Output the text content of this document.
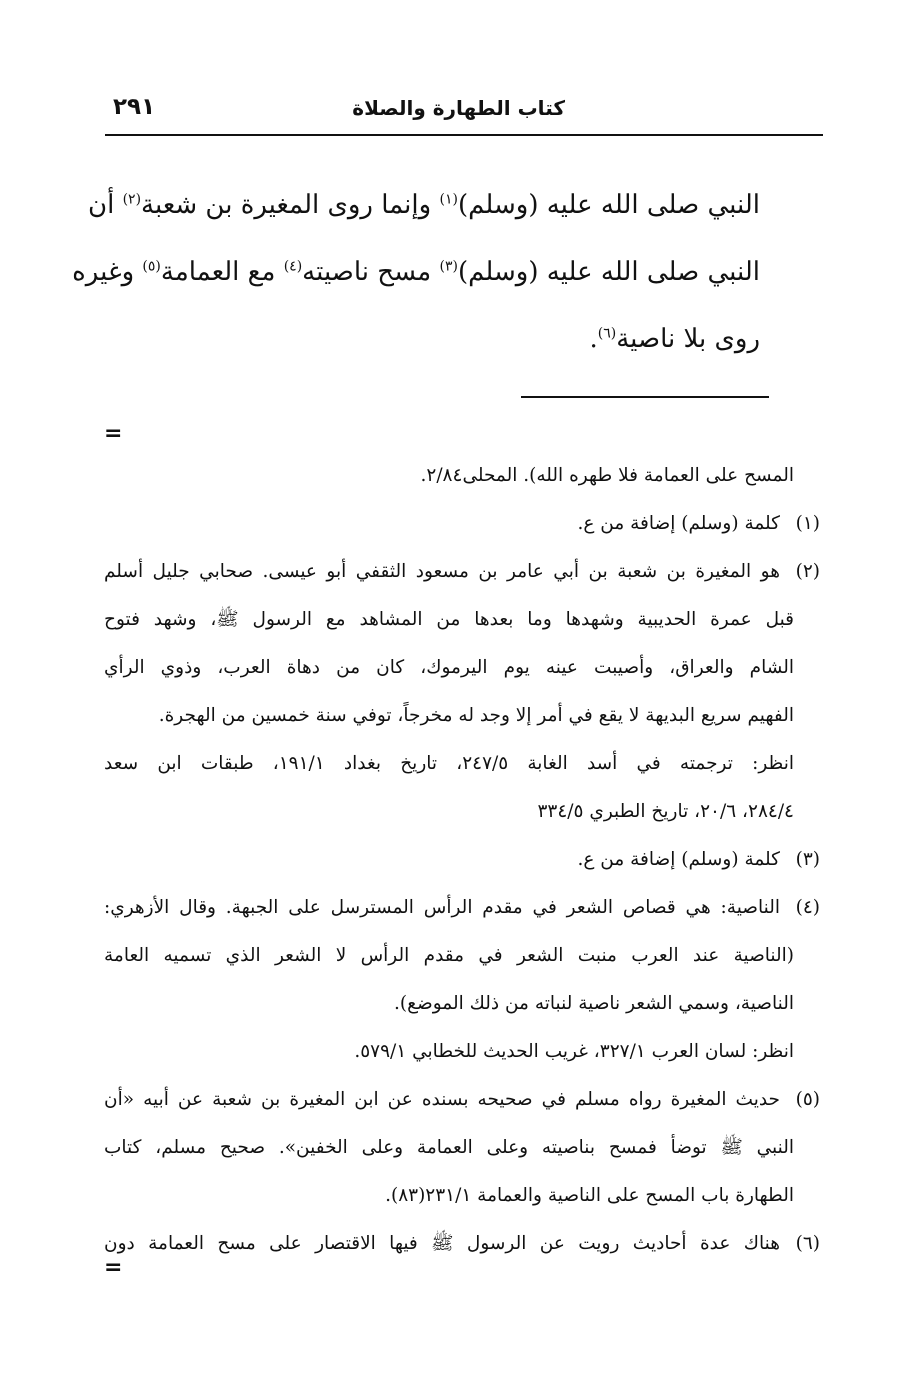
كتاب الطهارة والصلاة
٢٩١
النبي صلى الله عليه (وسلم)$^{(١)}$ وإنما روى المغيرة بن شعبة$^{(٢)}$ أن
النبي صلى الله عليه (وسلم)$^{(٣)}$ مسح ناصيته$^{(٤)}$ مع العمامة$^{(٥)}$ وغيره
روى بلا ناصية$^{(٦)}$.
=
المسح على العمامة فلا طهره الله). المحلى٢/٨٤.
(١)
كلمة (وسلم) إضافة من ع.
(٢)
هو المغيرة بن شعبة بن أبي عامر بن مسعود الثقفي أبو عيسى. صحابي جليل أسلم
قبل عمرة الحديبية وشهدها وما بعدها من المشاهد مع الرسول ﷺ، وشهد فتوح
الشام والعراق، وأصيبت عينه يوم اليرموك، كان من دهاة العرب، وذوي الرأي
الفهيم سريع البديهة لا يقع في أمر إلا وجد له مخرجاً، توفي سنة خمسين من الهجرة.
انظر: ترجمته في أسد الغابة ٢٤٧/٥، تاريخ بغداد ١٩١/١، طبقات ابن سعد
٢٨٤/٤، ٢٠/٦، تاريخ الطبري ٣٣٤/٥
(٣)
كلمة (وسلم) إضافة من ع.
(٤)
الناصية: هي قصاص الشعر في مقدم الرأس المسترسل على الجبهة. وقال الأزهري:
(الناصية عند العرب منبت الشعر في مقدم الرأس لا الشعر الذي تسميه العامة
الناصية، وسمي الشعر ناصية لنباته من ذلك الموضع).
انظر: لسان العرب ٣٢٧/١، غريب الحديث للخطابي ٥٧٩/١.
(٥)
حديث المغيرة رواه مسلم في صحيحه بسنده عن ابن المغيرة بن شعبة عن أبيه «أن
النبي ﷺ توضأ فمسح بناصيته وعلى العمامة وعلى الخفين». صحيح مسلم، كتاب
الطهارة باب المسح على الناصية والعمامة ٢٣١/١(٨٣).
(٦)
هناك عدة أحاديث رويت عن الرسول ﷺ فيها الاقتصار على مسح العمامة دون
=
